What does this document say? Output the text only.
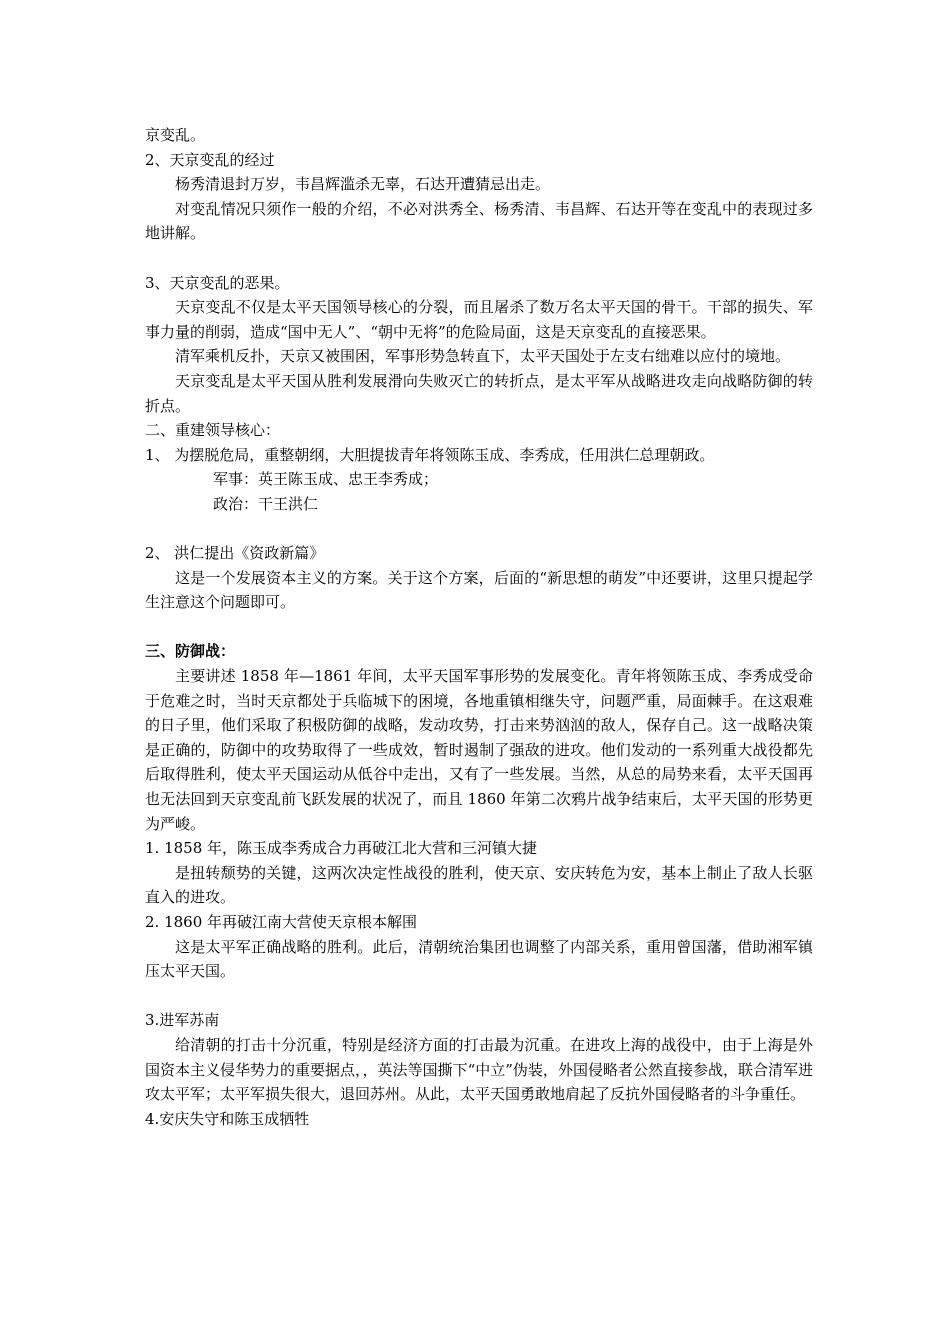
京变乱。
2、天京变乱的经过
杨秀清退封万岁，韦昌辉滥杀无辜，石达开遭猜忌出走。
对变乱情况只须作一般的介绍，不必对洪秀全、杨秀清、韦昌辉、石达开等在变乱中的表现过多地讲解。
3、天京变乱的恶果。
天京变乱不仅是太平天国领导核心的分裂，而且屠杀了数万名太平天国的骨干。干部的损失、军事力量的削弱，造成“国中无人”、“朝中无将”的危险局面，这是天京变乱的直接恶果。
清军乘机反扑，天京又被围困，军事形势急转直下，太平天国处于左支右绌难以应付的境地。
天京变乱是太平天国从胜利发展滑向失败灭亡的转折点，是太平军从战略进攻走向战略防御的转折点。
二、重建领导核心：
1、 为摆脱危局，重整朝纲，大胆提拔青年将领陈玉成、李秀成，任用洪仁总理朝政。
军事：英王陈玉成、忠王李秀成；
政治：干王洪仁
2、 洪仁提出《资政新篇》
这是一个发展资本主义的方案。关于这个方案，后面的“新思想的萌发”中还要讲，这里只提起学生注意这个问题即可。
三、防御战：
主要讲述 1858 年—1861 年间，太平天国军事形势的发展变化。青年将领陈玉成、李秀成受命于危难之时，当时天京都处于兵临城下的困境，各地重镇相继失守，问题严重，局面棘手。在这艰难的日子里，他们采取了积极防御的战略，发动攻势，打击来势汹汹的敌人，保存自己。这一战略决策是正确的，防御中的攻势取得了一些成效，暂时遏制了强敌的进攻。他们发动的一系列重大战役都先后取得胜利，使太平天国运动从低谷中走出，又有了一些发展。当然，从总的局势来看，太平天国再也无法回到天京变乱前飞跃发展的状况了，而且 1860 年第二次鸦片战争结束后，太平天国的形势更为严峻。
1. 1858 年，陈玉成李秀成合力再破江北大营和三河镇大捷
是扭转颓势的关键，这两次决定性战役的胜利，使天京、安庆转危为安，基本上制止了敌人长驱直入的进攻。
2. 1860 年再破江南大营使天京根本解围
这是太平军正确战略的胜利。此后，清朝统治集团也调整了内部关系，重用曾国藩，借助湘军镇压太平天国。
3.进军苏南
给清朝的打击十分沉重，特别是经济方面的打击最为沉重。在进攻上海的战役中，由于上海是外国资本主义侵华势力的重要据点，，英法等国撕下“中立”伪装，外国侵略者公然直接参战，联合清军进攻太平军；太平军损失很大，退回苏州。从此，太平天国勇敢地肩起了反抗外国侵略者的斗争重任。
4.安庆失守和陈玉成牺牲
